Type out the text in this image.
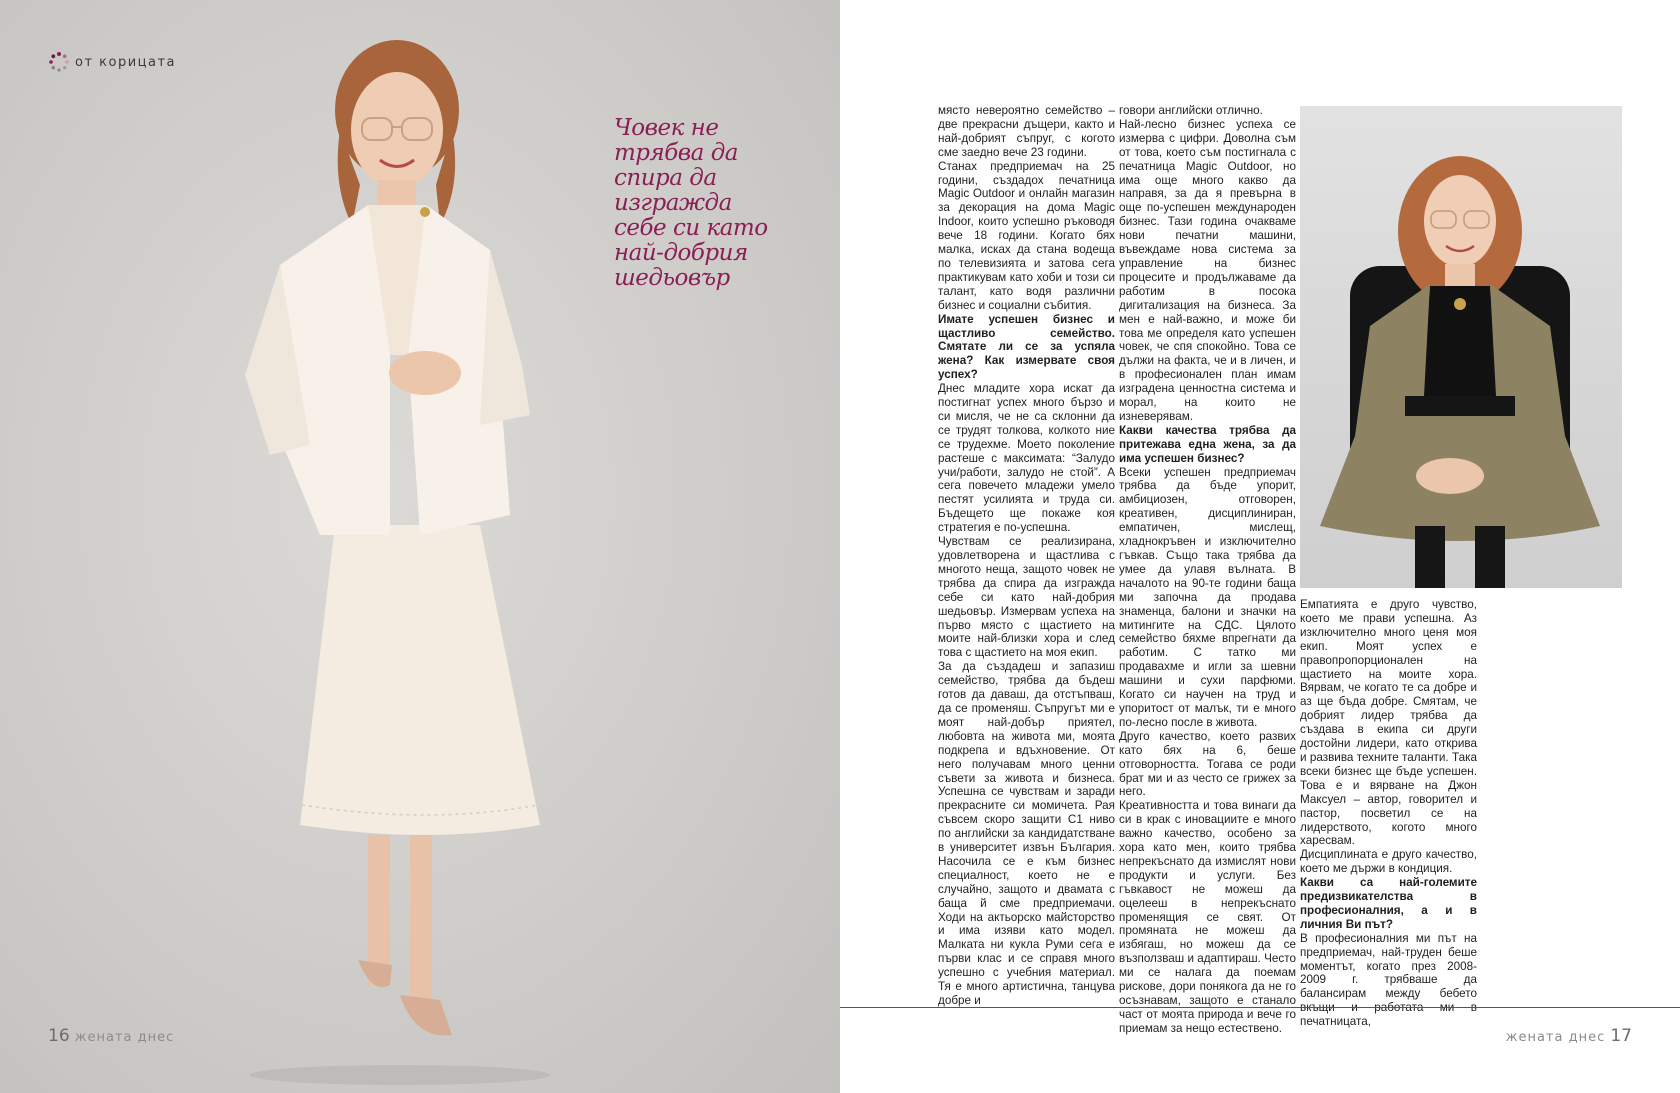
от корицата
Човек не трябва да спира да изгражда себе си като най-добрия шедьовър
16 жената днес

място невероятно семейство – две прекрасни дъщери, както и най-добрият съпруг, с когото сме заедно вече 23 години.

Станах предприемач на 25 години, създадох печатница Magic Outdoor и онлайн магазин за декорация на дома Magic Indoor, които успешно ръководя вече 18 години. Когато бях малка, исках да стана водеща по телевизията и затова сега практикувам като хоби и този си талант, като водя различни бизнес и социални събития.

Имате успешен бизнес и щастливо семейство. Смятате ли се за успяла жена? Как измервате своя успех?

Днес младите хора искат да постигнат успех много бързо и си мисля, че не са склонни да се трудят толкова, колкото ние се трудехме. Моето поколение растеше с максимата: “Залудо учи/работи, залудо не стой”. А сега повечето младежи умело пестят усилията и труда си. Бъдещето ще покаже коя стратегия е по-успешна.

Чувствам се реализирана, удовлетворена и щастлива с многото неща, защото човек не трябва да спира да изгражда себе си като най-добрия шедьовър. Измервам успеха на първо място с щастието на моите най-близки хора и след това с щастието на моя екип.

За да създадеш и запазиш семейство, трябва да бъдеш готов да даваш, да отстъпваш, да се променяш. Съпругът ми е моят най-добър приятел, любовта на живота ми, моята подкрепа и вдъхновение. От него получавам много ценни съвети за живота и бизнеса. Успешна се чувствам и заради прекрасните си момичета. Рая съвсем скоро защити С1 ниво по английски за кандидатстване в университет извън България. Насочила се е към бизнес специалност, което не е случайно, защото и двамата с баща й сме предприемачи. Ходи на актьорско майсторство и има изяви като модел. Малката ни кукла Руми сега е първи клас и се справя много успешно с учебния материал. Тя е много артистична, танцува добре и

говори английски отлично.

Най-лесно бизнес успеха се измерва с цифри. Доволна съм от това, което съм постигнала с печатница Magic Outdoor, но има още много какво да направя, за да я превърна в още по-успешен международен бизнес. Тази година очакваме нови печатни машини, въвеждаме нова система за управление на бизнес процесите и продължаваме да работим в посока дигитализация на бизнеса. За мен е най-важно, и може би това ме определя като успешен човек, че спя спокойно. Това се дължи на факта, че и в личен, и в професионален план имам изградена ценностна система и морал, на които не изневерявам.

Какви качества трябва да притежава една жена, за да има успешен бизнес?

Всеки успешен предприемач трябва да бъде упорит, амбициозен, отговорен, креативен, дисциплиниран, емпатичен, мислещ, хладнокръвен и изключително гъвкав. Също така трябва да умее да улавя вълната. В началото на 90-те години баща ми започна да продава знаменца, балони и значки на митингите на СДС. Цялото семейство бяхме впрегнати да работим. С татко ми продавахме и игли за шевни машини и сухи парфюми. Когато си научен на труд и упоритост от малък, ти е много по-лесно после в живота.

Друго качество, което развих като бях на 6, беше отговорността. Тогава се роди брат ми и аз често се грижех за него.

Креативността и това винаги да си в крак с иновациите е много важно качество, особено за хора като мен, които трябва непрекъснато да измислят нови продукти и услуги. Без гъвкавост не можеш да оцелееш в непрекъснато променящия се свят. От промяната не можеш да избягаш, но можеш да се възползваш и адаптираш. Често ми се налага да поемам рискове, дори понякога да не го осъзнавам, защото е станало част от моята природа и вече го приемам за нещо естествено.

Емпатията е друго чувство, което ме прави успешна. Аз изключително много ценя моя екип. Моят успех е правопропорционален на щастието на моите хора. Вярвам, че когато те са добре и аз ще бъда добре. Смятам, че добрият лидер трябва да създава в екипа си други достойни лидери, като открива и развива техните таланти. Така всеки бизнес ще бъде успешен. Това е и вярване на Джон Максуел – автор, говорител и пастор, посветил се на лидерството, когото много харесвам.

Дисциплината е друго качество, което ме държи в кондиция.

Какви са най-големите предизвикателства в професионалния, а и в личния Ви път?

В професионалния ми път на предприемач, най-труден беше моментът, когато през 2008-2009 г. трябваше да балансирам между бебето печатницата,

жената днес 17
